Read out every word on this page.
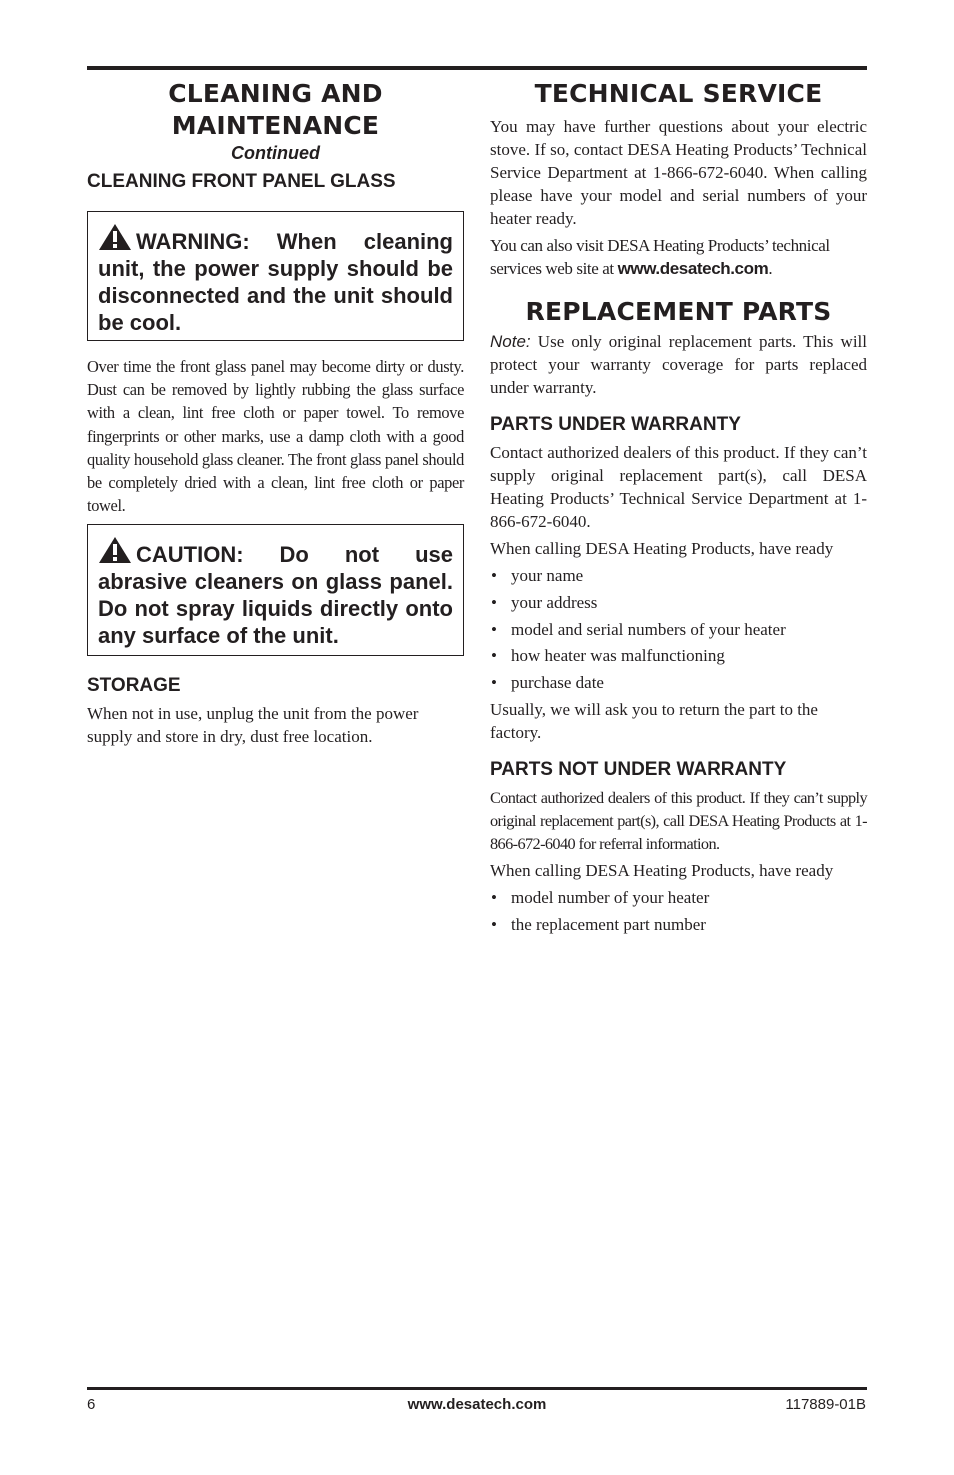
CLEANING AND
MAINTENANCE

Continued

CLEANING FRONT PANEL GLASS

WARNING: When cleaning unit, the power supply should be disconnected and the unit should be cool.

Over time the front glass panel may become dirty or dusty. Dust can be removed by lightly rubbing the glass surface with a clean, lint free cloth or paper towel. To remove fingerprints or other marks, use a damp cloth with a good quality household glass cleaner. The front glass panel should be completely dried with a clean, lint free cloth or paper towel.

CAUTION: Do not use abrasive cleaners on glass panel. Do not spray liquids directly onto any surface of the unit.

STORAGE

When not in use, unplug the unit from the power supply and store in dry, dust free location.

TECHNICAL SERVICE

You may have further questions about your electric stove. If so, contact DESA Heating Products’ Technical Service Department at 1-866-672-6040. When calling please have your model and serial numbers of your heater ready.

You can also visit DESA Heating Products’ technical services web site at www.desatech.com.

REPLACEMENT PARTS

Note: Use only original replacement parts. This will protect your warranty coverage for parts replaced under warranty.

PARTS UNDER WARRANTY

Contact authorized dealers of this product. If they can’t supply original replacement part(s), call DESA Heating Products’ Technical Service Department at 1-866-672-6040.

When calling DESA Heating Products, have ready

• your name
• your address
• model and serial numbers of your heater
• how heater was malfunctioning
• purchase date

Usually, we will ask you to return the part to the factory.

PARTS NOT UNDER WARRANTY

Contact authorized dealers of this product. If they can’t supply original replacement part(s), call DESA Heating Products at 1-866-672-6040 for referral information.

When calling DESA Heating Products, have ready

• model number of your heater
• the replacement part number
6	www.desatech.com	117889-01B
